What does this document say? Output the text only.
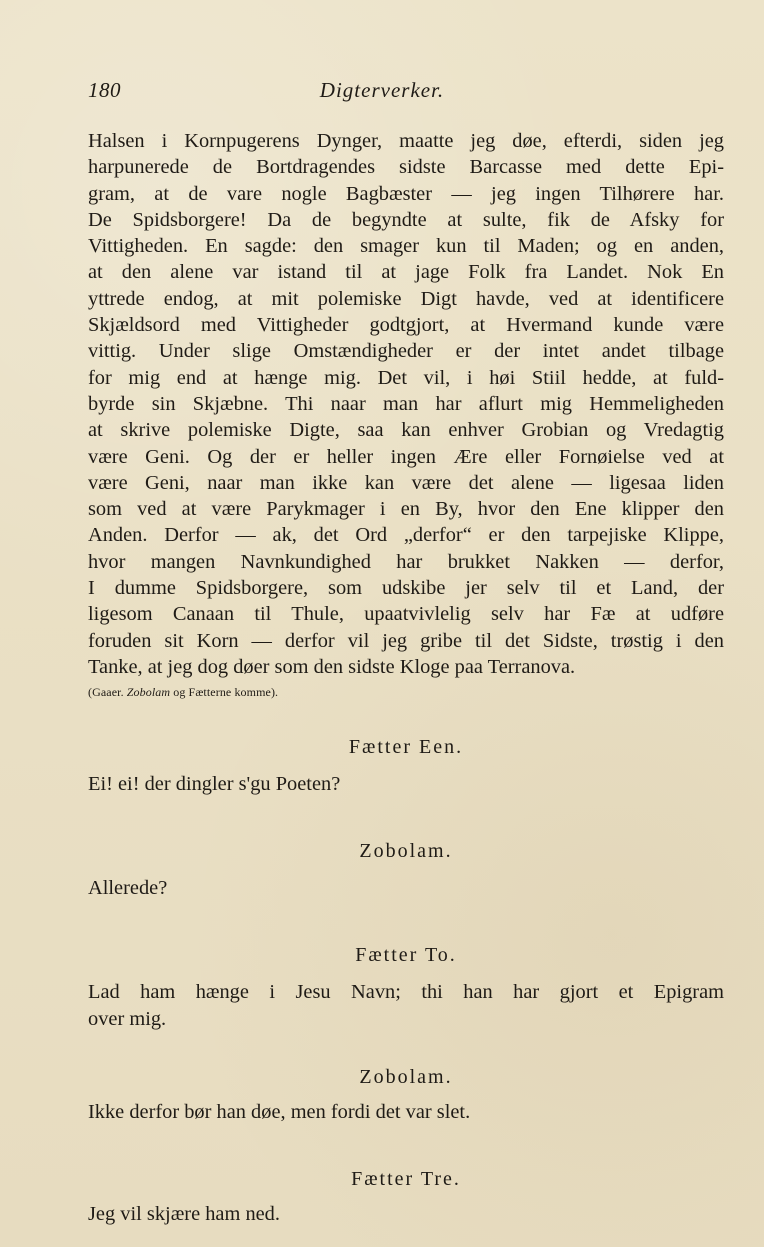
180	Digterverker.

Halsen i Kornpugerens Dynger, maatte jeg døe, efterdi, siden jeg
harpunerede de Bortdragendes sidste Barcasse med dette Epi-
gram, at de vare nogle Bagbæster — jeg ingen Tilhørere har.
De Spidsborgere! Da de begyndte at sulte, fik de Afsky for
Vittigheden. En sagde: den smager kun til Maden; og en anden,
at den alene var istand til at jage Folk fra Landet. Nok En
yttrede endog, at mit polemiske Digt havde, ved at identificere
Skjældsord med Vittigheder godtgjort, at Hvermand kunde være
vittig. Under slige Omstændigheder er der intet andet tilbage
for mig end at hænge mig. Det vil, i høi Stiil hedde, at fuld-
byrde sin Skjæbne. Thi naar man har aflurt mig Hemmeligheden
at skrive polemiske Digte, saa kan enhver Grobian og Vredagtig
være Geni. Og der er heller ingen Ære eller Fornøielse ved at
være Geni, naar man ikke kan være det alene — ligesaa liden
som ved at være Parykmager i en By, hvor den Ene klipper den
Anden. Derfor — ak, det Ord „derfor“ er den tarpejiske Klippe,
hvor mangen Navnkundighed har brukket Nakken — derfor,
I dumme Spidsborgere, som udskibe jer selv til et Land, der
ligesom Canaan til Thule, upaatvivlelig selv har Fæ at udføre
foruden sit Korn — derfor vil jeg gribe til det Sidste, trøstig i den
Tanke, at jeg dog døer som den sidste Kloge paa Terranova.

(Gaaer. Zobolam og Fætterne komme).
Fætter Een.
Ei! ei! der dingler s'gu Poeten?
Zobolam.
Allerede?
Fætter To.
Lad ham hænge i Jesu Navn; thi han har gjort et Epigram
over mig.
Zobolam.
Ikke derfor bør han døe, men fordi det var slet.
Fætter Tre.
Jeg vil skjære ham ned.
